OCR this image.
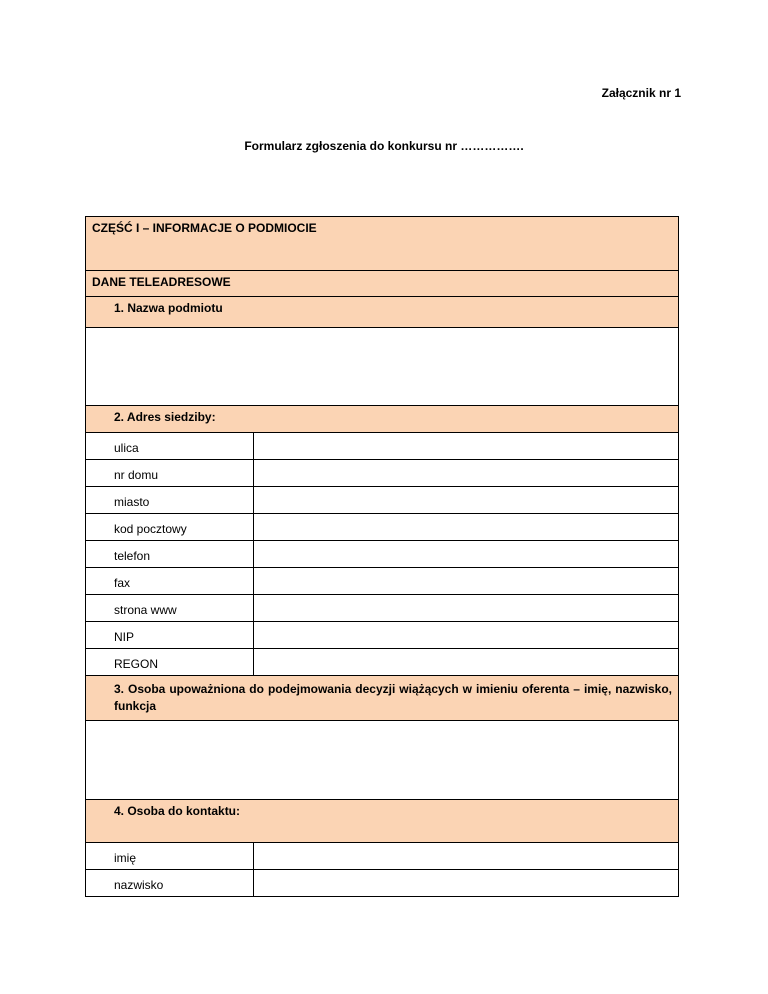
Załącznik nr 1
Formularz zgłoszenia do konkursu nr …………….
CZĘŚĆ I – INFORMACJE O PODMIOCIE	
DANE TELEADRESOWE	
1. Nazwa podmiotu	

2. Adres siedziby:	
ulica	
nr domu	
miasto	
kod pocztowy	
telefon	
fax	
strona www	
NIP	
REGON	
3. Osoba upoważniona do podejmowania decyzji wiążących w imieniu oferenta – imię, nazwisko, funkcja	

4. Osoba do kontaktu:	
imię	
nazwisko	
